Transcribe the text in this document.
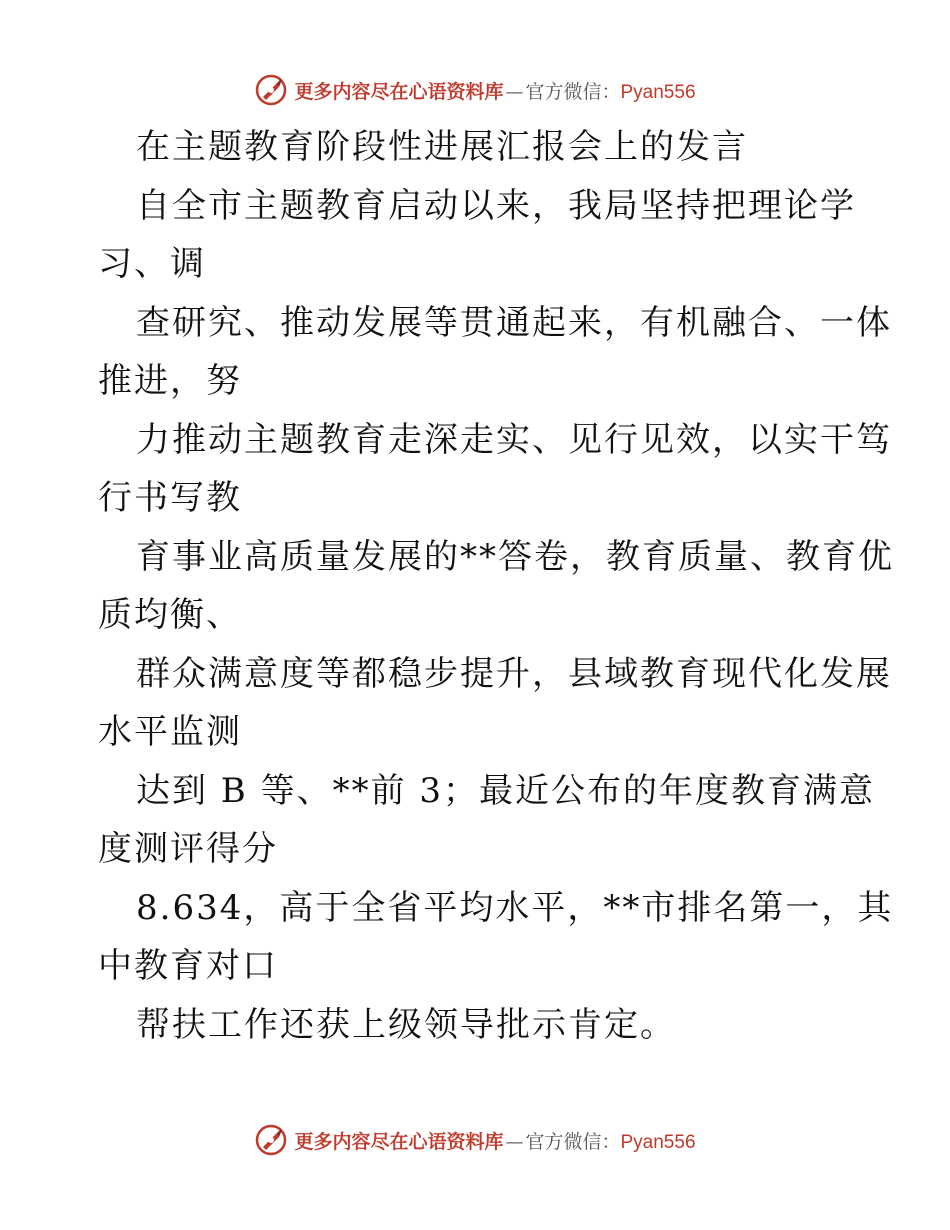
更多内容尽在心语资料库 — 官方微信： Pyan556
在主题教育阶段性进展汇报会上的发言
自全市主题教育启动以来，我局坚持把理论学
习、调
查研究、推动发展等贯通起来，有机融合、一体
推进，努
力推动主题教育走深走实、见行见效，以实干笃
行书写教
育事业高质量发展的**答卷，教育质量、教育优
质均衡、
群众满意度等都稳步提升，县域教育现代化发展
水平监测
达到 B 等、**前 3；最近公布的年度教育满意
度测评得分
8.634，高于全省平均水平，**市排名第一，其
中教育对口
帮扶工作还获上级领导批示肯定。
更多内容尽在心语资料库 — 官方微信： Pyan556
